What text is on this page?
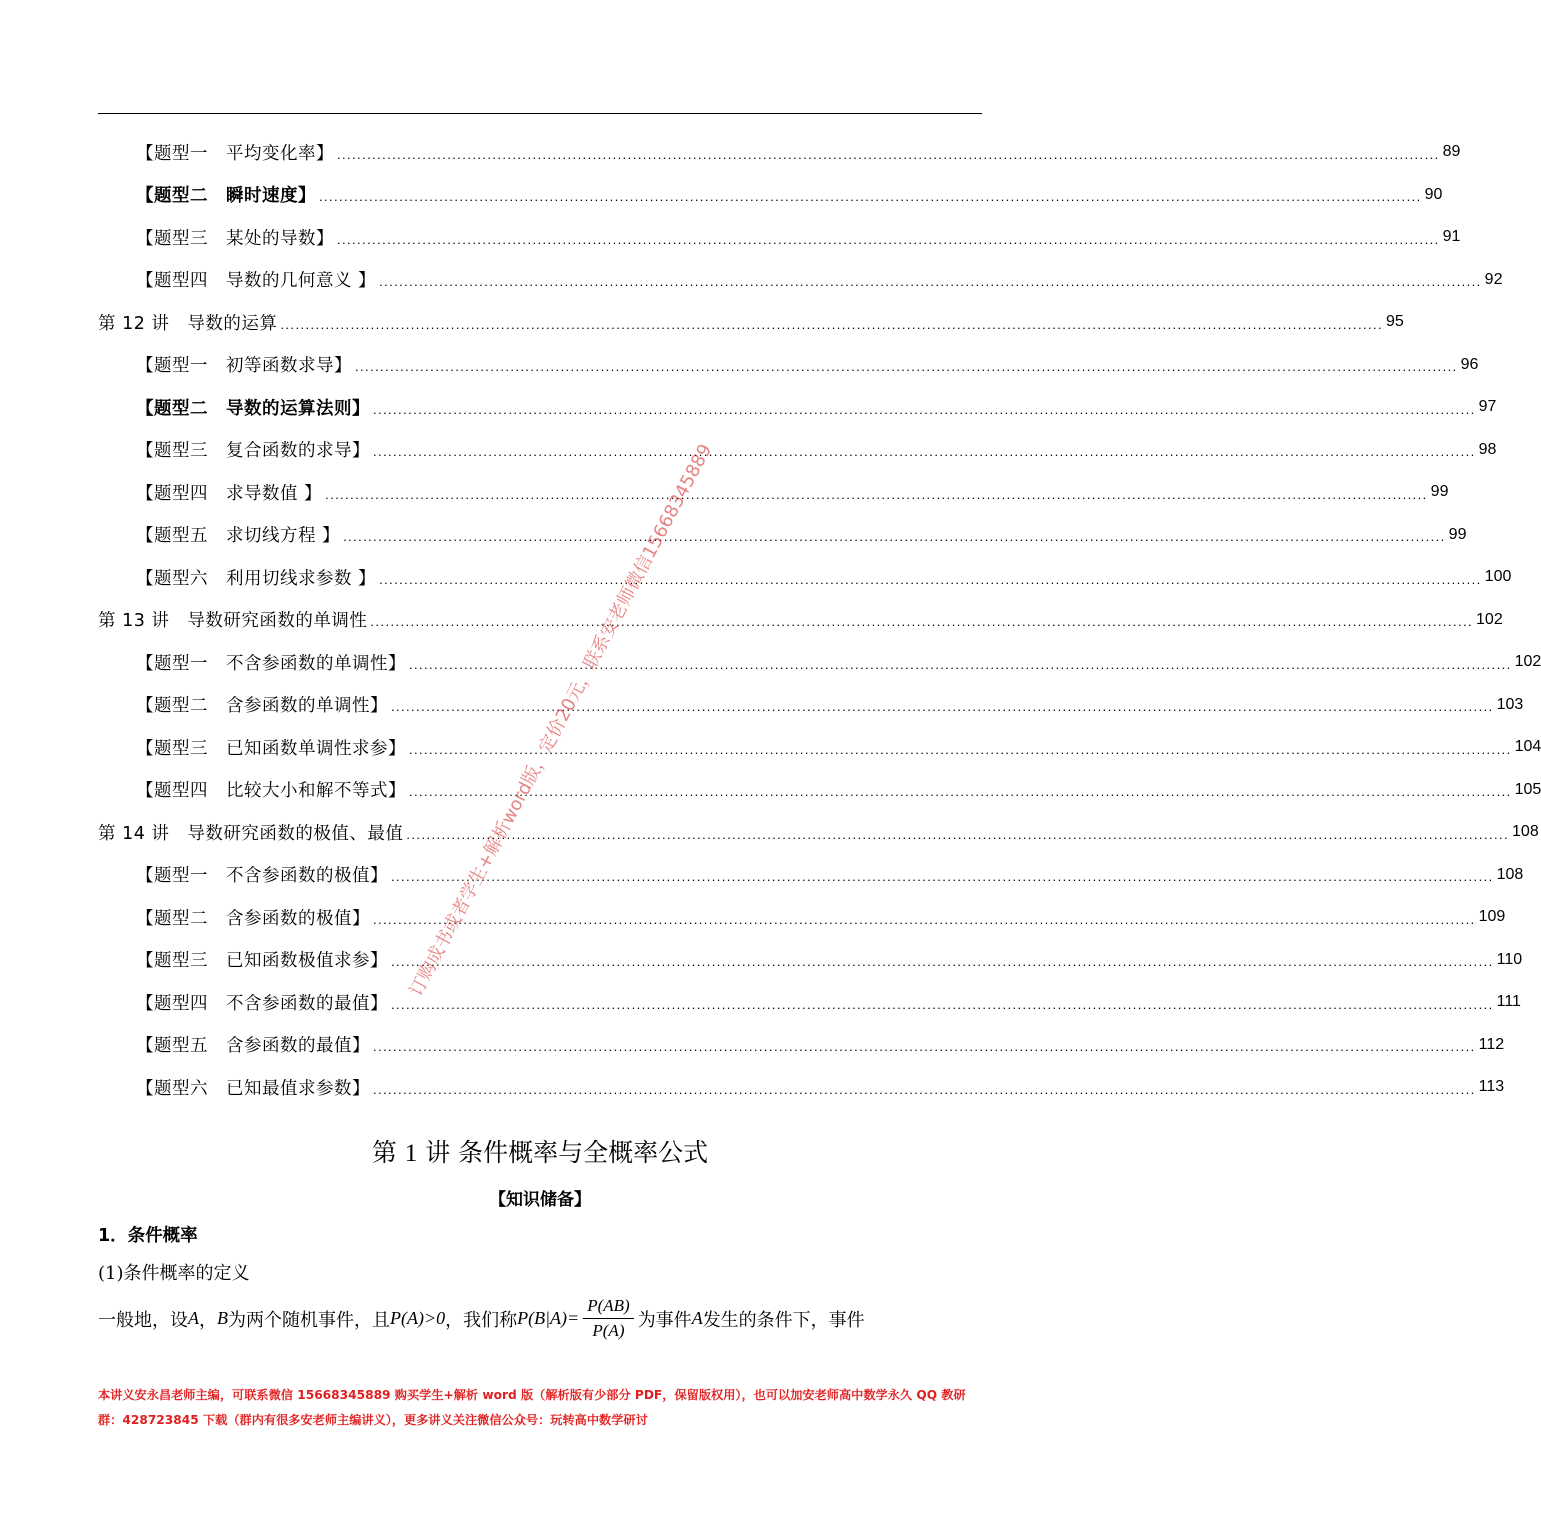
【题型一　平均变化率】 ............................................................................................................................................................................................................................ 89
【题型二　瞬时速度】 ............................................................................................................................................................................................................................ 90
【题型三　某处的导数】 ............................................................................................................................................................................................................................ 91
【题型四　导数的几何意义 】 ............................................................................................................................................................................................................................ 92
第 12 讲　导数的运算 ............................................................................................................................................................................................................................ 95
【题型一　初等函数求导】 ............................................................................................................................................................................................................................ 96
【题型二　导数的运算法则】 ............................................................................................................................................................................................................................ 97
【题型三　复合函数的求导】 ............................................................................................................................................................................................................................ 98
【题型四　求导数值 】 ............................................................................................................................................................................................................................ 99
【题型五　求切线方程 】 ............................................................................................................................................................................................................................ 99
【题型六　利用切线求参数 】 ............................................................................................................................................................................................................................ 100
第 13 讲　导数研究函数的单调性 ............................................................................................................................................................................................................................ 102
【题型一　不含参函数的单调性】 ............................................................................................................................................................................................................................ 102
【题型二　含参函数的单调性】 ............................................................................................................................................................................................................................ 103
【题型三　已知函数单调性求参】 ............................................................................................................................................................................................................................ 104
【题型四　比较大小和解不等式】 ............................................................................................................................................................................................................................ 105
第 14 讲　导数研究函数的极值、最值 ............................................................................................................................................................................................................................ 108
【题型一　不含参函数的极值】 ............................................................................................................................................................................................................................ 108
【题型二　含参函数的极值】 ............................................................................................................................................................................................................................ 109
【题型三　已知函数极值求参】 ............................................................................................................................................................................................................................ 110
【题型四　不含参函数的最值】 ............................................................................................................................................................................................................................ 111
【题型五　含参函数的最值】 ............................................................................................................................................................................................................................ 112
【题型六　已知最值求参数】 ............................................................................................................................................................................................................................ 113
第 1 讲 条件概率与全概率公式
【知识储备】
1．条件概率
(1)条件概率的定义
一般地，设 A ， B 为两个随机事件，且 P(A)>0 ，我们称 $P(B|A)= \frac{P(AB)}{P(A)}$ 为事件 A 发生的条件下，事件
本讲义安永昌老师主编，可联系微信 15668345889 购买学生+解析 word 版（解析版有少部分 PDF，保留版权用），也可以加安老师高中数学永久 QQ 教研群：428723845 下载（群内有很多安老师主编讲义），更多讲义关注微信公众号：玩转高中数学研讨
订购成书或者学生+解析word版，定价20元，联系安老师微信15668345889
